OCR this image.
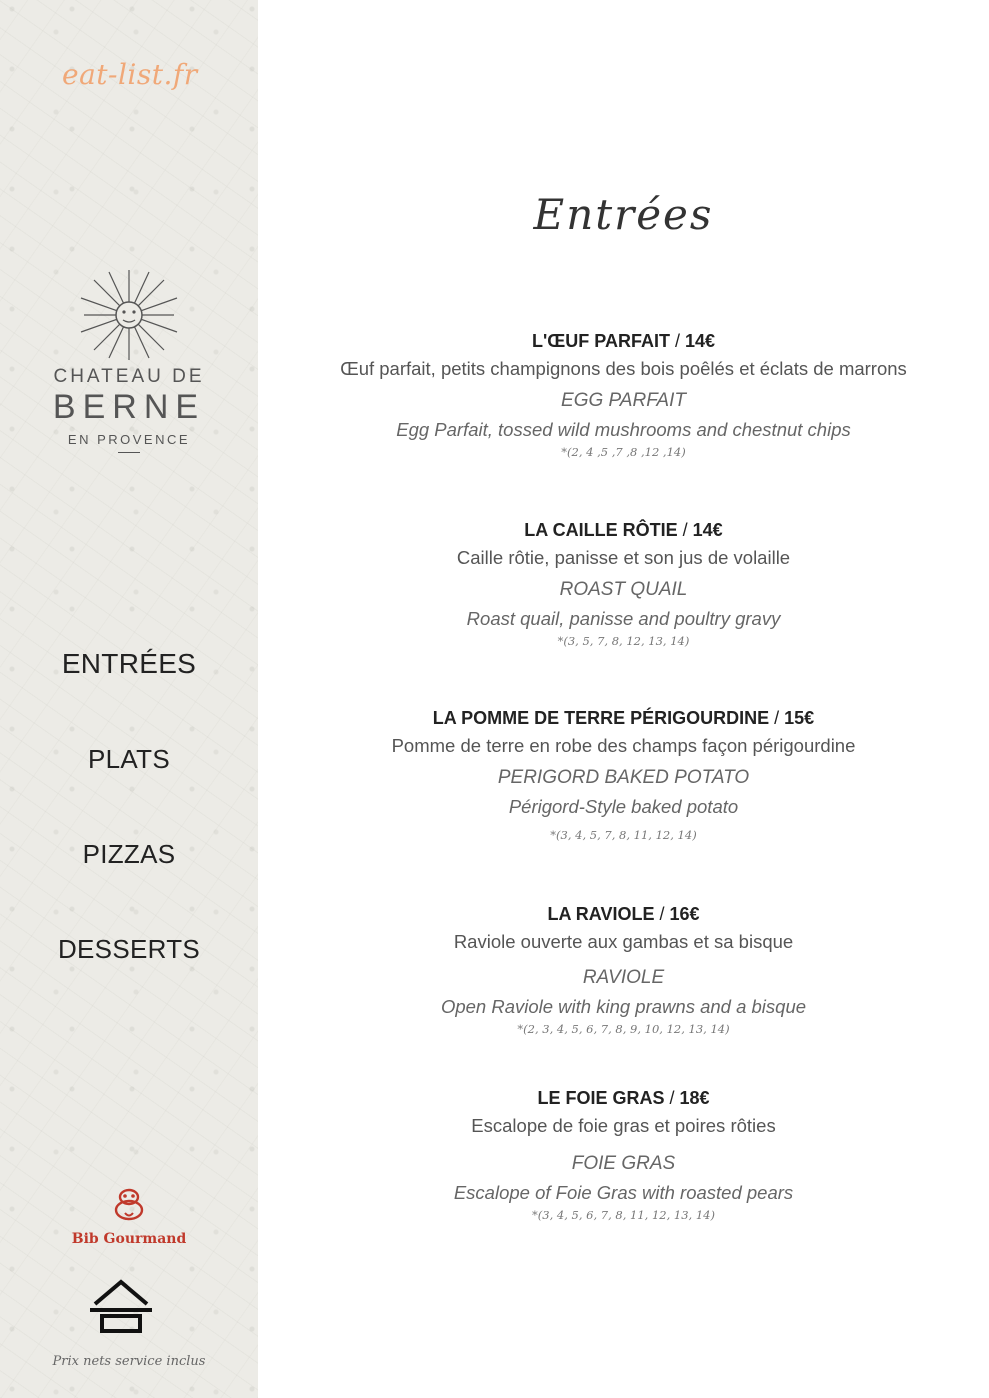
eat-list.fr
CHATEAU DE
BERNE
EN PROVENCE
ENTRÉES
PLATS
PIZZAS
DESSERTS
Bib Gourmand
Prix nets service inclus
Entrées
L'ŒUF PARFAIT / 14€
Œuf parfait, petits champignons des bois poêlés et éclats de marrons
EGG PARFAIT
Egg Parfait, tossed wild mushrooms and chestnut chips
*(2, 4 ,5 ,7 ,8 ,12 ,14)
LA CAILLE RÔTIE / 14€
Caille rôtie, panisse et son jus de volaille
ROAST QUAIL
Roast quail, panisse and poultry gravy
*(3, 5, 7, 8, 12, 13, 14)
LA POMME DE TERRE PÉRIGOURDINE / 15€
Pomme de terre en robe des champs façon périgourdine
PERIGORD BAKED POTATO
Périgord-Style baked potato
*(3, 4, 5, 7, 8, 11, 12, 14)
LA RAVIOLE / 16€
Raviole ouverte aux gambas et sa bisque
RAVIOLE
Open Raviole with king prawns and a bisque
*(2, 3, 4, 5, 6, 7, 8, 9, 10, 12, 13, 14)
LE FOIE GRAS / 18€
Escalope de foie gras et poires rôties
FOIE GRAS
Escalope of Foie Gras with roasted pears
*(3, 4, 5, 6, 7, 8, 11, 12, 13, 14)
